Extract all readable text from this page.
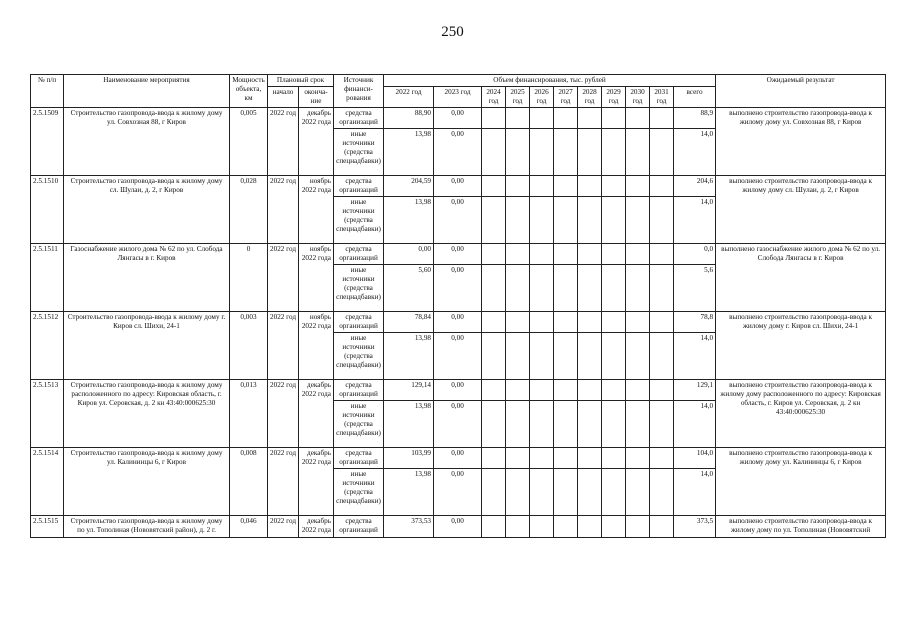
250
№ п/п	Наименование мероприятия	Мощность объекта, км	Плановый срок		Источник финанси-рования	Объем финансирования, тыс. рублей											Ожидаемый результат
			начало	оконча-ние		2022 год	2023 год	2024 год	2025 год	2026 год	2027 год	2028 год	2029 год	2030 год	2031 год	всего	
2.5.1509	Строительство газопровода-ввода к жилому дому ул. Совхозная 88, г Киров	0,005	2022 год	декабрь 2022 года	средства организаций	88,90	0,00									88,9	выполнено строительство газопровода-ввода к жилому дому ул. Совхозная 88, г Киров
					иные источники (средства спецнадбавки)	13,98	0,00									14,0	
2.5.1510	Строительство газопровода-ввода к жилому дому сл. Шулаи, д. 2, г Киров	0,028	2022 год	ноябрь 2022 года	средства организаций	204,59	0,00									204,6	выполнено строительство газопровода-ввода к жилому дому сл. Шулаи, д. 2, г Киров
					иные источники (средства спецнадбавки)	13,98	0,00									14,0	
2.5.1511	Газоснабжение жилого дома № 62 по ул. Слобода Лянгасы в г. Киров	0	2022 год	ноябрь 2022 года	средства организаций	0,00	0,00									0,0	выполнено газоснабжение жилого дома № 62 по ул. Слобода Лянгасы в г. Киров
					иные источники (средства спецнадбавки)	5,60	0,00									5,6	
2.5.1512	Строительство газопровода-ввода к жилому дому г. Киров сл. Шихи, 24-1	0,003	2022 год	ноябрь 2022 года	средства организаций	78,84	0,00									78,8	выполнено строительство газопровода-ввода к жилому дому г. Киров сл. Шихи, 24-1
					иные источники (средства спецнадбавки)	13,98	0,00									14,0	
2.5.1513	Строительство газопровода-ввода к жилому дому расположенного по адресу: Кировская область, г. Киров ул. Серовская, д. 2 кн 43:40:000625:30	0,013	2022 год	декабрь 2022 года	средства организаций	129,14	0,00									129,1	выполнено строительство газопровода-ввода к жилому дому расположенного по адресу: Кировская область, г. Киров ул. Серовская, д. 2 кн 43:40:000625:30
					иные источники (средства спецнадбавки)	13,98	0,00									14,0	
2.5.1514	Строительство газопровода-ввода к жилому дому ул. Калининцы 6, г Киров	0,008	2022 год	декабрь 2022 года	средства организаций	103,99	0,00									104,0	выполнено строительство газопровода-ввода к жилому дому ул. Калининцы 6, г Киров
					иные источники (средства спецнадбавки)	13,98	0,00									14,0	
2.5.1515	Строительство газопровода-ввода к жилому дому по ул. Тополиная (Нововятский район), д. 2 г.	0,046	2022 год	декабрь 2022 года	средства организаций	373,53	0,00									373,5	выполнено строительство газопровода-ввода к жилому дому по ул. Тополиная (Нововятский
